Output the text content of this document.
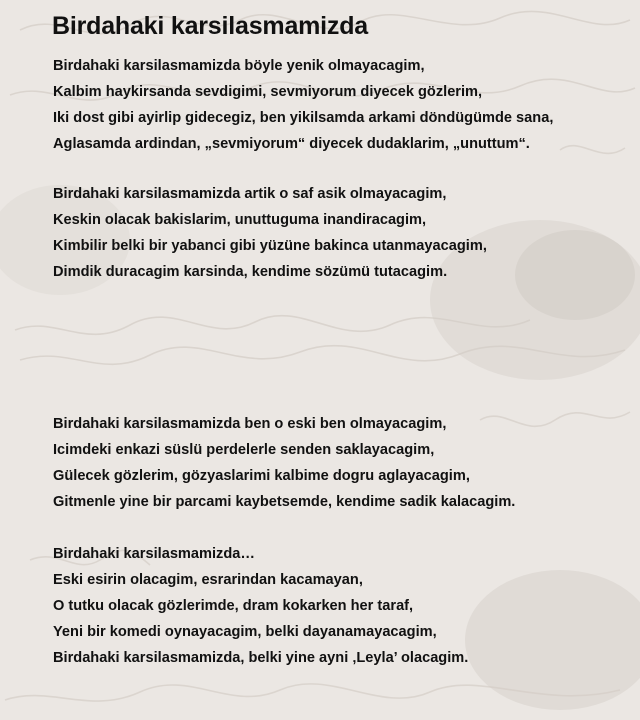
Birdahaki karsilasmamizda
Birdahaki karsilasmamizda böyle yenik olmayacagim,
Kalbim haykirsanda sevdigimi, sevmiyorum diyecek gözlerim,
Iki dost gibi ayirlip gidecegiz, ben yikilsamda arkami döndügümde sana,
Aglasamda ardindan, „sevmiyorum“ diyecek dudaklarim, „unuttum“.
Birdahaki karsilasmamizda artik o saf asik olmayacagim,
Keskin olacak bakislarim, unuttuguma inandiracagim,
Kimbilir belki bir yabanci gibi yüzüne bakinca utanmayacagim,
Dimdik duracagim karsinda, kendime sözümü tutacagim.
Birdahaki karsilasmamizda ben o eski ben olmayacagim,
Icimdeki enkazi süslü perdelerle senden saklayacagim,
Gülecek gözlerim, gözyaslarimi kalbime dogru aglayacagim,
Gitmenle yine bir parcami kaybetsemde, kendime sadik kalacagim.
Birdahaki karsilasmamizda…
Eski esirin olacagim, esrarindan kacamayan,
O tutku olacak gözlerimde, dram kokarken her taraf,
Yeni bir komedi oynayacagim, belki dayanamayacagim,
Birdahaki karsilasmamizda, belki yine ayni ‚Leyla’ olacagim.
